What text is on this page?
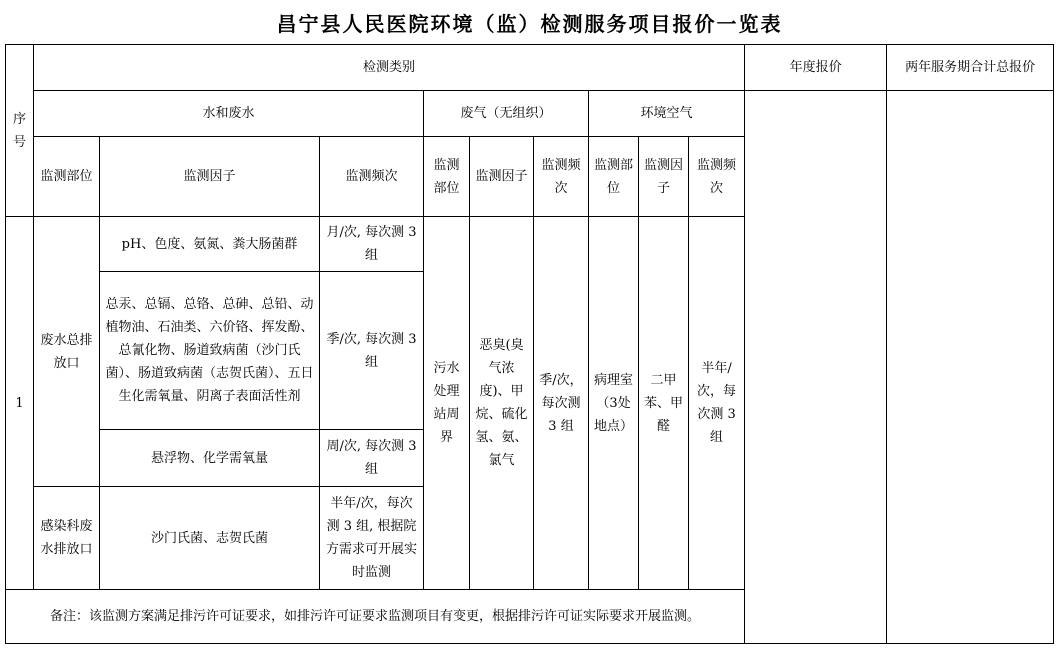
昌宁县人民医院环境（监）检测服务项目报价一览表
序号	检测类别									年度报价	两年服务期合计总报价
	水和废水			废气（无组织）			环境空气				
	监测部位	监测因子	监测频次	监测部位	监测因子	监测频次	监测部位	监测因子	监测频次		
1	废水总排放口	pH、色度、氨氮、粪大肠菌群	月/次, 每次测 3 组	污水处理站周界	恶臭(臭气浓度)、甲烷、硫化氢、氨、氯气	季/次，每次测 3 组	病理室（3处地点）	二甲苯、甲醛	半年/次，每次测 3 组		
		总汞、总镉、总铬、总砷、总铅、动植物油、石油类、六价铬、挥发酚、总氰化物、肠道致病菌（沙门氏菌）、肠道致病菌（志贺氏菌）、五日生化需氧量、阴离子表面活性剂	季/次, 每次测 3 组								
		悬浮物、化学需氧量	周/次, 每次测 3 组								
	感染科废水排放口	沙门氏菌、志贺氏菌	半年/次，每次测 3 组, 根据院方需求可开展实时监测								
备注：该监测方案满足排污许可证要求，如排污许可证要求监测项目有变更，根据排污许可证实际要求开展监测。											
